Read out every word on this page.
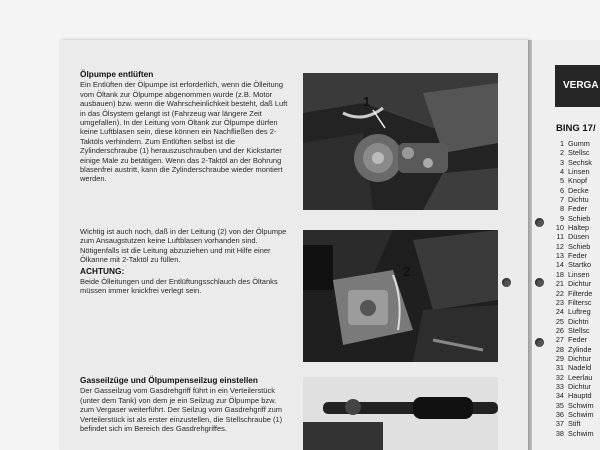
Ölpumpe entlüften

Ein Entlüften der Ölpumpe ist erforderlich, wenn die Ölleitung vom Öltank zur Ölpumpe abgenommen wurde (z.B. Motor ausbauen) bzw. wenn die Wahrscheinlichkeit besteht, daß Luft in das Ölsystem gelangt ist (Fahrzeug war längere Zeit umgefallen). In der Leitung vom Öltank zur Ölpumpe dürfen keine Luftblasen sein, diese können ein Nachfließen des 2-Taktöls verhindern. Zum Entlüften selbst ist die Zylinderschraube (1) herauszuschrauben und der Kickstarter einige Male zu betätigen. Wenn das 2-Taktöl an der Bohrung blasenfrei austritt, kann die Zylinderschraube wieder montiert werden.

Wichtig ist auch noch, daß in der Leitung (2) von der Ölpumpe zum Ansaugstutzen keine Luftblasen vorhanden sind. Nötigenfalls ist die Leitung abzuziehen und mit Hilfe einer Ölkanne mit 2-Taktöl zu füllen.

ACHTUNG:

Beide Ölleitungen und der Entlüftungsschlauch des Öltanks müssen immer knickfrei verlegt sein.

Gasseilzüge und Ölpumpenseilzug einstellen

Der Gasseilzug vom Gasdrehgriff führt in ein Verteilerstück (unter dem Tank) von dem je ein Seilzug zur Ölpumpe bzw. zum Vergaser weiterführt. Der Seilzug vom Gasdrehgriff zum Verteilerstück ist als erster einzustellen, die Stellschraube (1) befindet sich im Bereich des Gasdrehgriffes.

1
2
VERGA
BING 17/
1 Gumm
2 Stellsc
3 Sechsk
4 Linsen
5 Knopf
6 Decke
7 Dichtu
8 Feder
9 Schieb
10 Haltep
11 Düsen
12 Schieb
13 Feder
14 Startko
18 Linsen
21 Dichtur
22 Filterde
23 Filtersc
24 Luftreg
25 Dichtri
26 Stellsc
27 Feder
28 Zylinde
29 Dichtur
31 Nadeld
32 Leerlau
33 Dichtur
34 Hauptd
35 Schwim
36 Schwim
37 Stift
38 Schwim
